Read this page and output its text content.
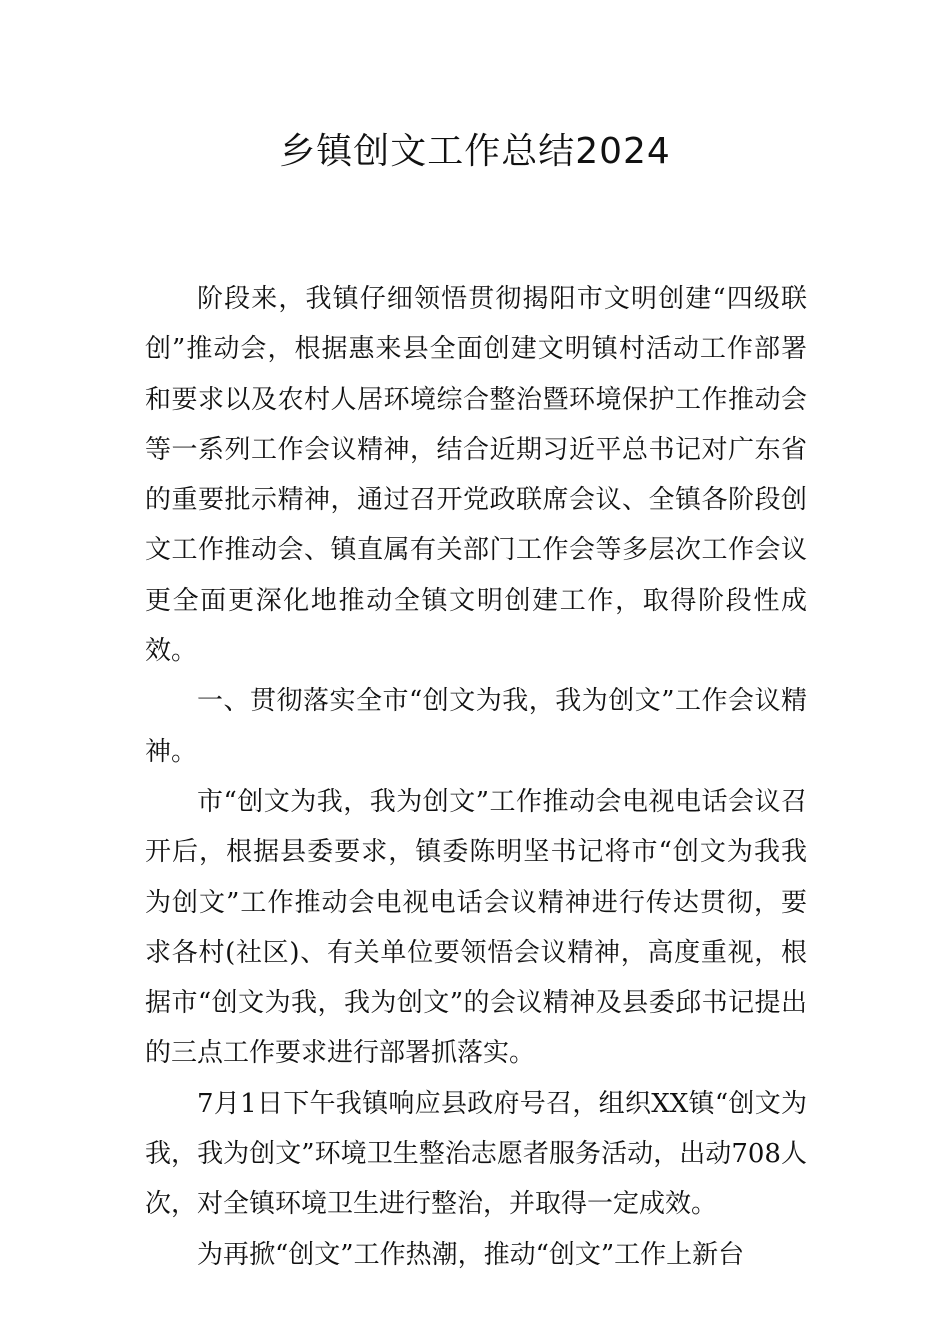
乡镇创文工作总结2024

阶段来，我镇仔细领悟贯彻揭阳市文明创建“四级联创”推动会，根据惠来县全面创建文明镇村活动工作部署和要求以及农村人居环境综合整治暨环境保护工作推动会等一系列工作会议精神，结合近期习近平总书记对广东省的重要批示精神，通过召开党政联席会议、全镇各阶段创文工作推动会、镇直属有关部门工作会等多层次工作会议更全面更深化地推动全镇文明创建工作，取得阶段性成效。

一、贯彻落实全市“创文为我，我为创文”工作会议精神。

市“创文为我，我为创文”工作推动会电视电话会议召开后，根据县委要求，镇委陈明坚书记将市“创文为我我为创文”工作推动会电视电话会议精神进行传达贯彻，要求各村(社区)、有关单位要领悟会议精神，高度重视，根据市“创文为我，我为创文”的会议精神及县委邱书记提出的三点工作要求进行部署抓落实。

7月1日下午我镇响应县政府号召，组织XX镇“创文为我，我为创文”环境卫生整治志愿者服务活动，出动708人次，对全镇环境卫生进行整治，并取得一定成效。

为再掀“创文”工作热潮，推动“创文”工作上新台
